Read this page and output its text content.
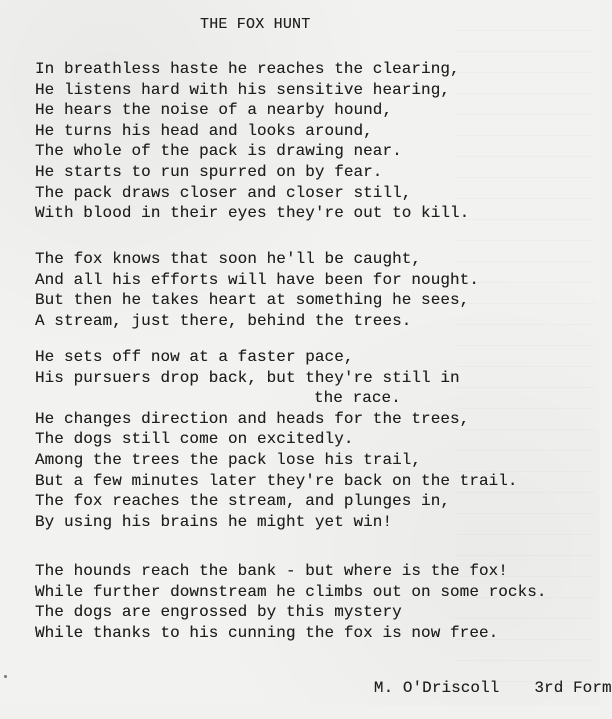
THE FOX HUNT
In breathless haste he reaches the clearing,
He listens hard with his sensitive hearing,
He hears the noise of a nearby hound,
He turns his head and looks around,
The whole of the pack is drawing near.
He starts to run spurred on by fear.
The pack draws closer and closer still,
With blood in their eyes they're out to kill.
The fox knows that soon he'll be caught,
And all his efforts will have been for nought.
But then he takes heart at something he sees,
A stream, just there, behind the trees.
He sets off now at a faster pace,
His pursuers drop back, but they're still in
the race.
He changes direction and heads for the trees,
The dogs still come on excitedly.
Among the trees the pack lose his trail,
But a few minutes later they're back on the trail.
The fox reaches the stream, and plunges in,
By using his brains he might yet win!
The hounds reach the bank - but where is the fox!
While further downstream he climbs out on some rocks.
The dogs are engrossed by this mystery
While thanks to his cunning the fox is now free.

M. O'Driscoll 3rd Form
